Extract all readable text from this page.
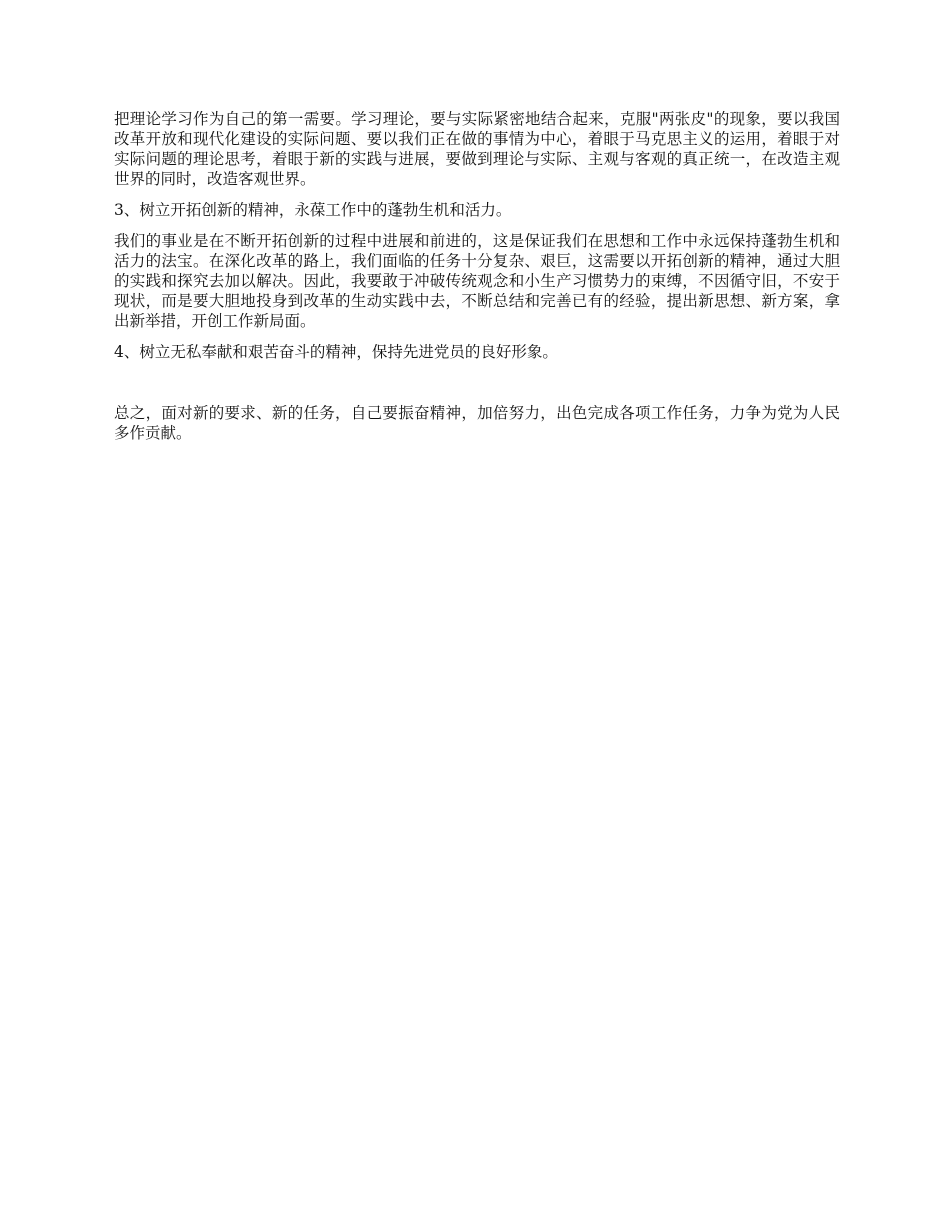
把理论学习作为自己的第一需要。学习理论，要与实际紧密地结合起来，克服"两张皮"的现象，要以我国改革开放和现代化建设的实际问题、要以我们正在做的事情为中心，着眼于马克思主义的运用，着眼于对实际问题的理论思考，着眼于新的实践与进展，要做到理论与实际、主观与客观的真正统一，在改造主观世界的同时，改造客观世界。

3、树立开拓创新的精神，永葆工作中的蓬勃生机和活力。

我们的事业是在不断开拓创新的过程中进展和前进的，这是保证我们在思想和工作中永远保持蓬勃生机和活力的法宝。在深化改革的路上，我们面临的任务十分复杂、艰巨，这需要以开拓创新的精神，通过大胆的实践和探究去加以解决。因此，我要敢于冲破传统观念和小生产习惯势力的束缚，不因循守旧，不安于现状，而是要大胆地投身到改革的生动实践中去，不断总结和完善已有的经验，提出新思想、新方案，拿出新举措，开创工作新局面。

4、树立无私奉献和艰苦奋斗的精神，保持先进党员的良好形象。

总之，面对新的要求、新的任务，自己要振奋精神，加倍努力，出色完成各项工作任务，力争为党为人民多作贡献。
